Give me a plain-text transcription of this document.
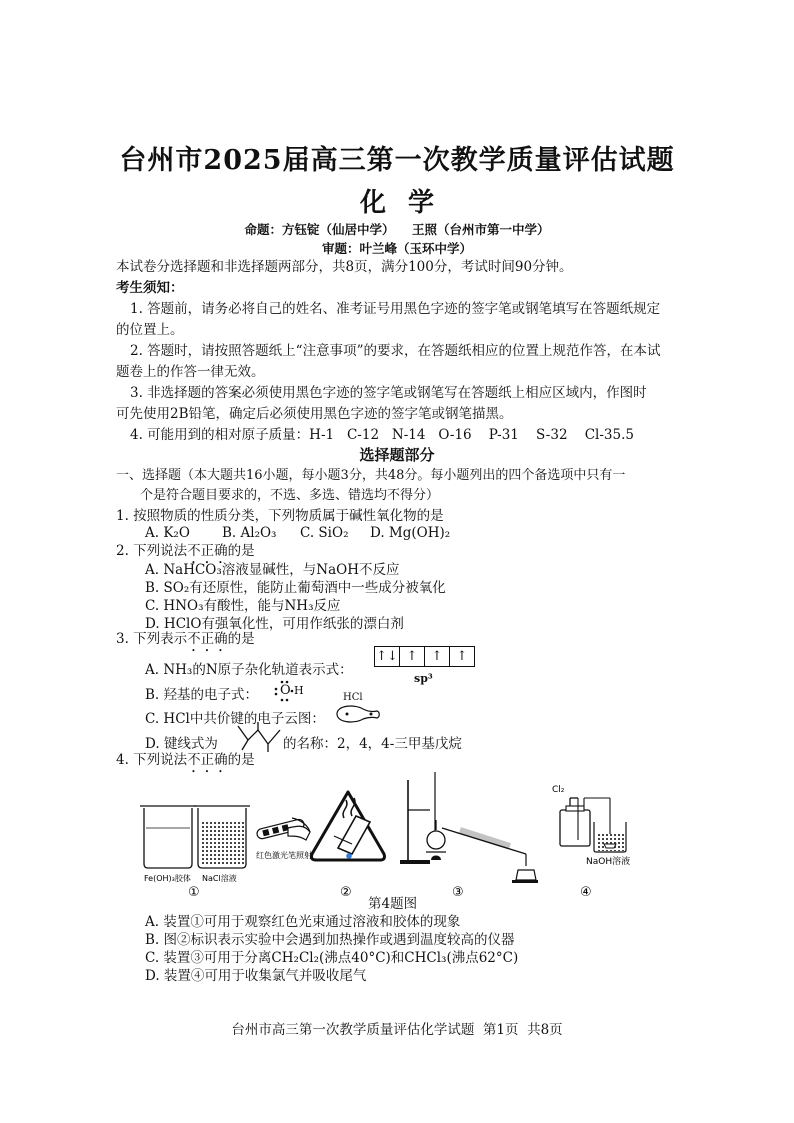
台州市2025届高三第一次教学质量评估试题
化学
命题：方钰锭（仙居中学）    王照（台州市第一中学）
审题：叶兰峰（玉环中学）
本试卷分选择题和非选择题两部分，共8页，满分100分，考试时间90分钟。
考生须知：
1. 答题前，请务必将自己的姓名、准考证号用黑色字迹的签字笔或钢笔填写在答题纸规定
的位置上。
2. 答题时，请按照答题纸上“注意事项”的要求，在答题纸相应的位置上规范作答，在本试
题卷上的作答一律无效。
3. 非选择题的答案必须使用黑色字迹的签字笔或钢笔写在答题纸上相应区域内，作图时
可先使用2B铅笔，确定后必须使用黑色字迹的签字笔或钢笔描黑。
4. 可能用到的相对原子质量：H-1   C-12   N-14   O-16    P-31    S-32    Cl-35.5
选择题部分
一、选择题（本大题共16小题，每小题3分，共48分。每小题列出的四个备选项中只有一
个是符合题目要求的，不选、多选、错选均不得分）
1. 按照物质的性质分类，下列物质属于碱性氧化物的是
A. K₂O B. Al₂O₃ C. SiO₂ D. Mg(OH)₂
2. 下列说法不正确的是
A. NaHCO₃溶液显碱性，与NaOH不反应
B. SO₂有还原性，能防止葡萄酒中一些成分被氧化
C. HNO₃有酸性，能与NH₃反应
D. HClO有强氧化性，可用作纸张的漂白剂
3. 下列表示不正确的是
A. NH₃的N原子杂化轨道表示式：
↑↓ ↑	↑	↑
sp³
B. 羟基的电子式： O H
C. HCl中共价键的电子云图：
HCl
D. 键线式为	的名称：2，4，4-三甲基戊烷
4. 下列说法不正确的是
Fe(OH)₃胶体 NaCl溶液
红色激光笔照射
Cl₂
NaOH溶液
①	②	③	④
第4题图
A. 装置①可用于观察红色光束通过溶液和胶体的现象
B. 图②标识表示实验中会遇到加热操作或遇到温度较高的仪器
C. 装置③可用于分离CH₂Cl₂(沸点40°C)和CHCl₃(沸点62°C)
D. 装置④可用于收集氯气并吸收尾气
台州市高三第一次教学质量评估化学试题  第1页  共8页
